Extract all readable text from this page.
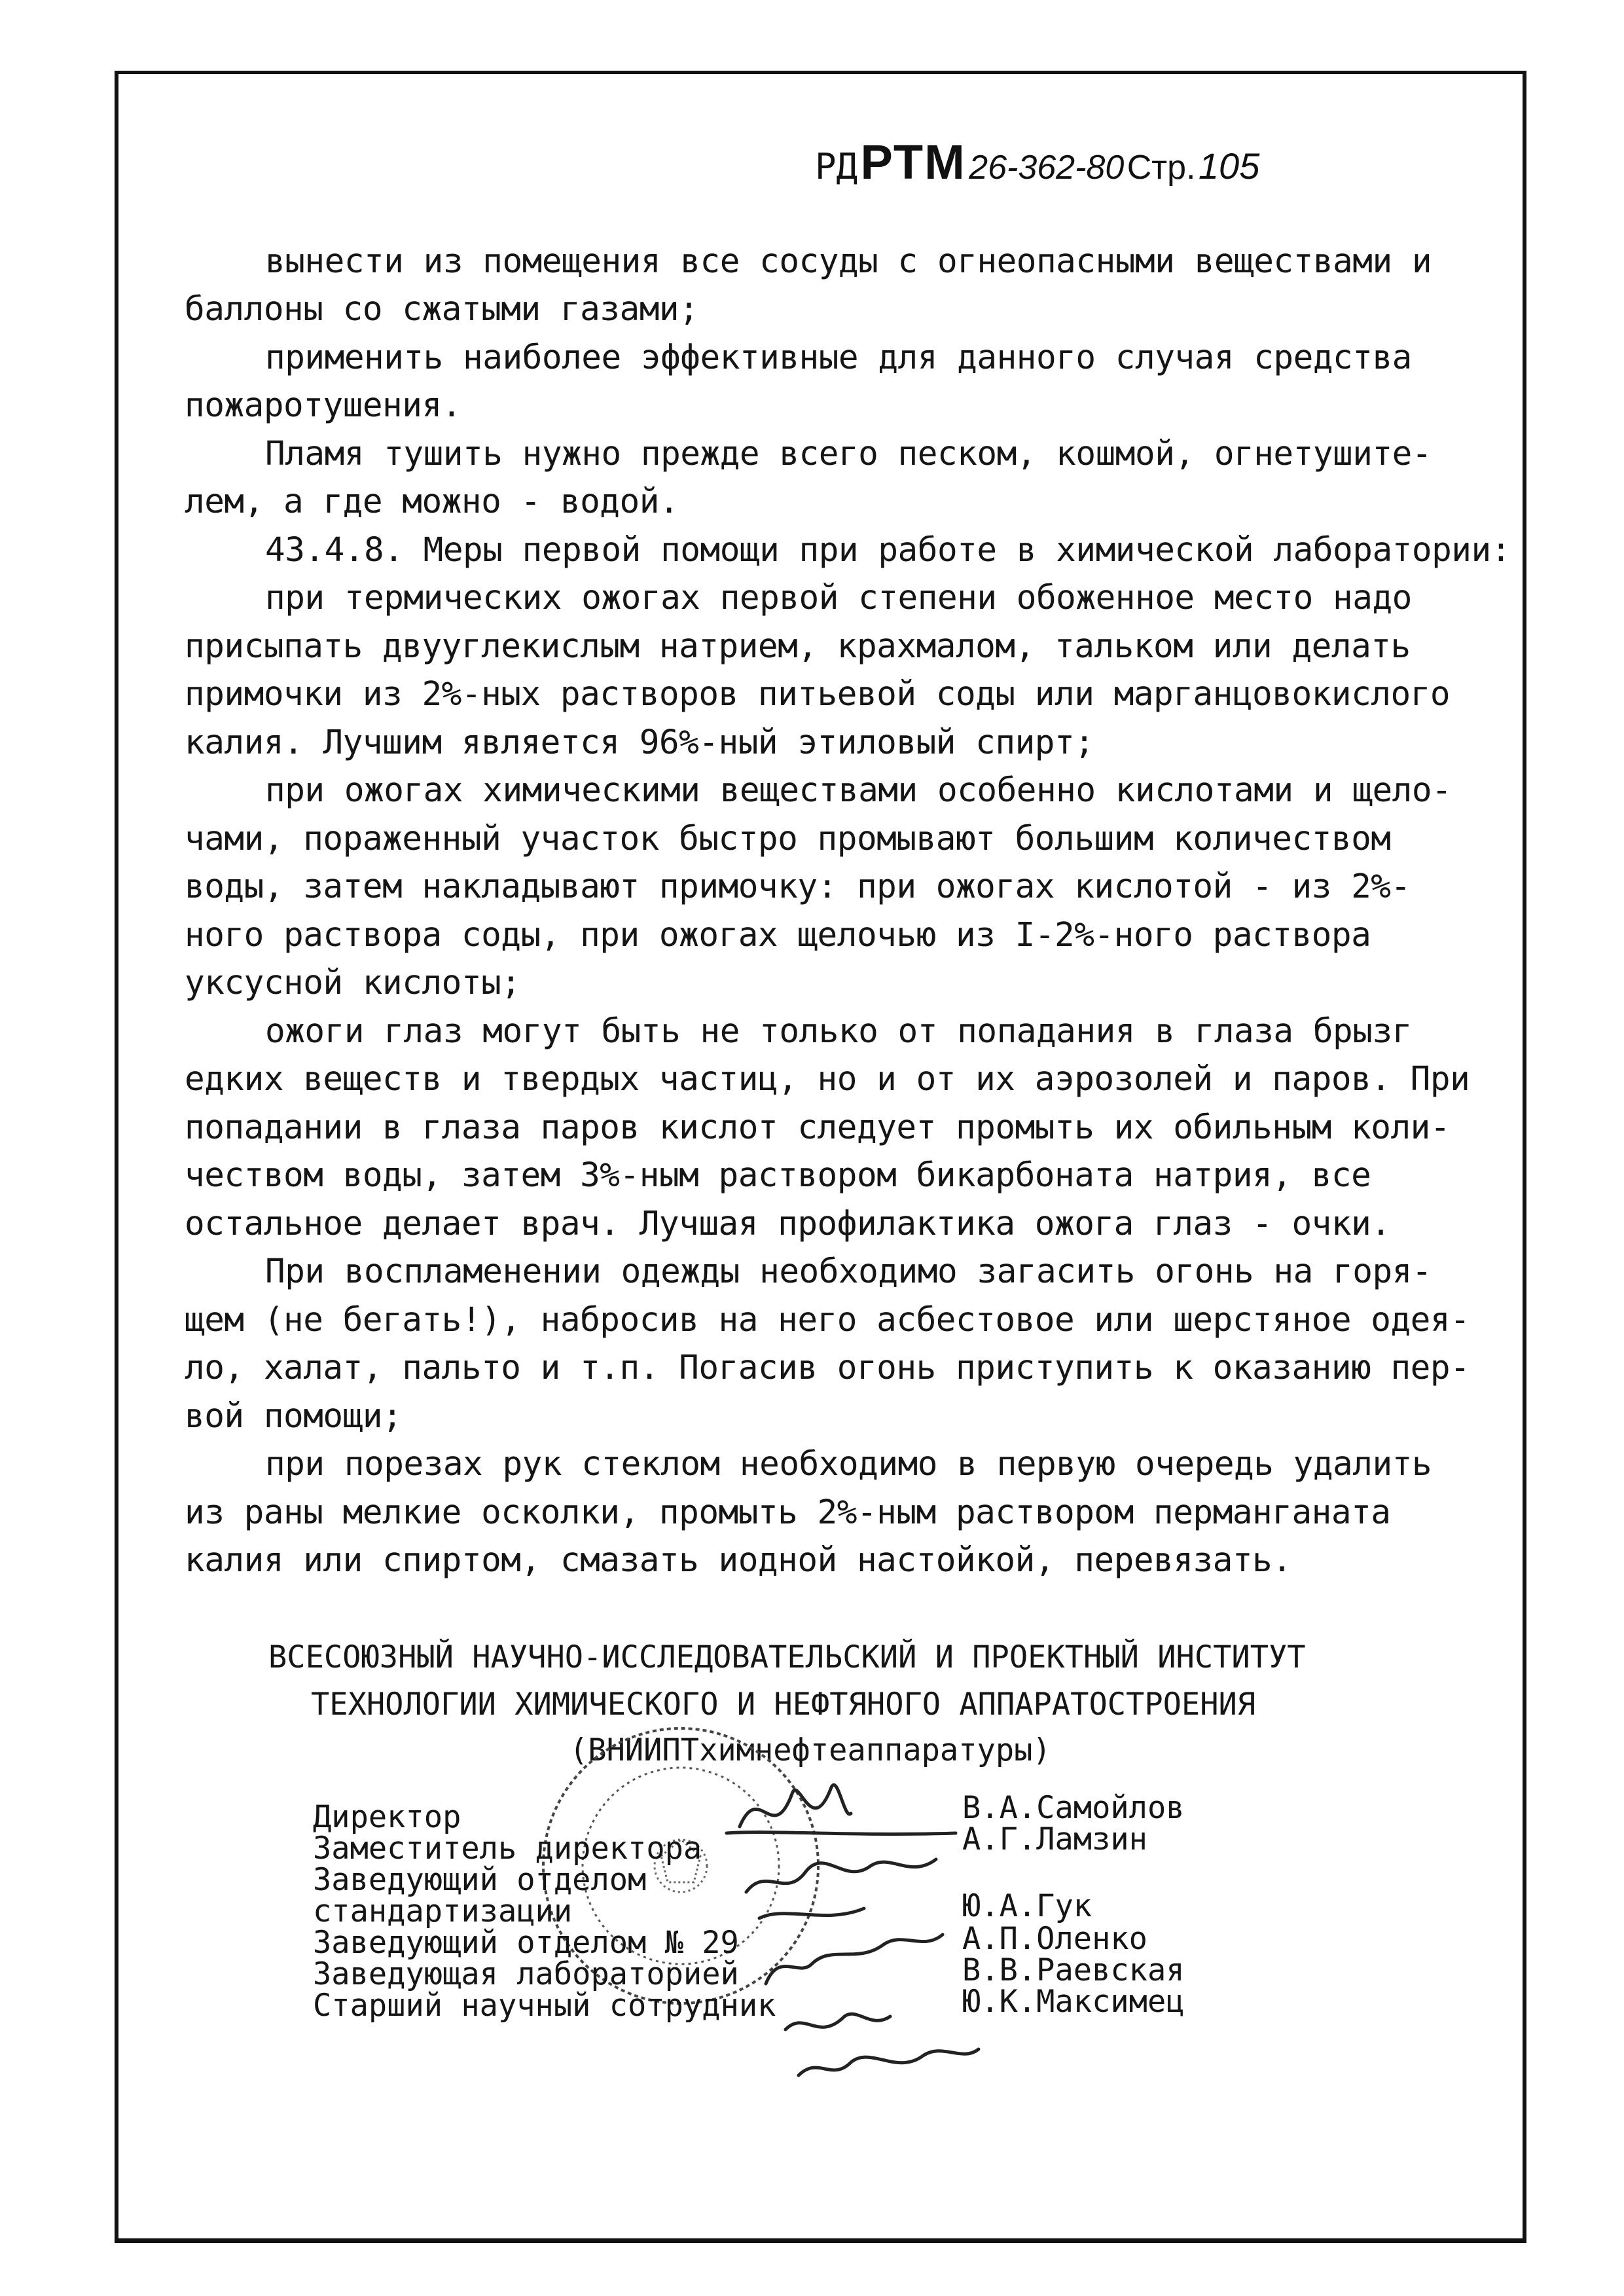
РД РТМ 26-362-80 Стр. 105
вынести из помещения все сосуды с огнеопасными веществами и
баллоны со сжатыми газами;
применить наиболее эффективные для данного случая средства
пожаротушения.
Пламя тушить нужно прежде всего песком, кошмой, огнетушите-
лем, а где можно - водой.
43.4.8. Меры первой помощи при работе в химической лаборатории:
при термических ожогах первой степени обоженное место надо
присыпать двууглекислым натрием, крахмалом, тальком или делать
примочки из 2%-ных растворов питьевой соды или марганцовокислого
калия. Лучшим является 96%-ный этиловый спирт;
при ожогах химическими веществами особенно кислотами и щело-
чами, пораженный участок быстро промывают большим количеством
воды, затем накладывают примочку: при ожогах кислотой - из 2%-
ного раствора соды, при ожогах щелочью из I-2%-ного раствора
уксусной кислоты;
ожоги глаз могут быть не только от попадания в глаза брызг
едких веществ и твердых частиц, но и от их аэрозолей и паров. При
попадании в глаза паров кислот следует промыть их обильным коли-
чеством воды, затем 3%-ным раствором бикарбоната натрия, все
остальное делает врач. Лучшая профилактика ожога глаз - очки.
При воспламенении одежды необходимо загасить огонь на горя-
щем (не бегать!), набросив на него асбестовое или шерстяное одея-
ло, халат, пальто и т.п. Погасив огонь приступить к оказанию пер-
вой помощи;
при порезах рук стеклом необходимо в первую очередь удалить
из раны мелкие осколки, промыть 2%-ным раствором перманганата
калия или спиртом, смазать иодной настойкой, перевязать.
ВСЕСОЮЗНЫЙ НАУЧНО-ИССЛЕДОВАТЕЛЬСКИЙ И ПРОЕКТНЫЙ ИНСТИТУТ
ТЕХНОЛОГИИ ХИМИЧЕСКОГО И НЕФТЯНОГО АППАРАТОСТРОЕНИЯ
(ВНИИПТхимнефтеаппаратуры)
Директор	В.А.Самойлов
Заместитель директора	А.Г.Ламзин
Заведующий отделом
стандартизации	Ю.А.Гук
Заведующий отделом № 29	А.П.Оленко
Заведующая лабораторией	В.В.Раевская
Старший научный сотрудник	Ю.К.Максимец
